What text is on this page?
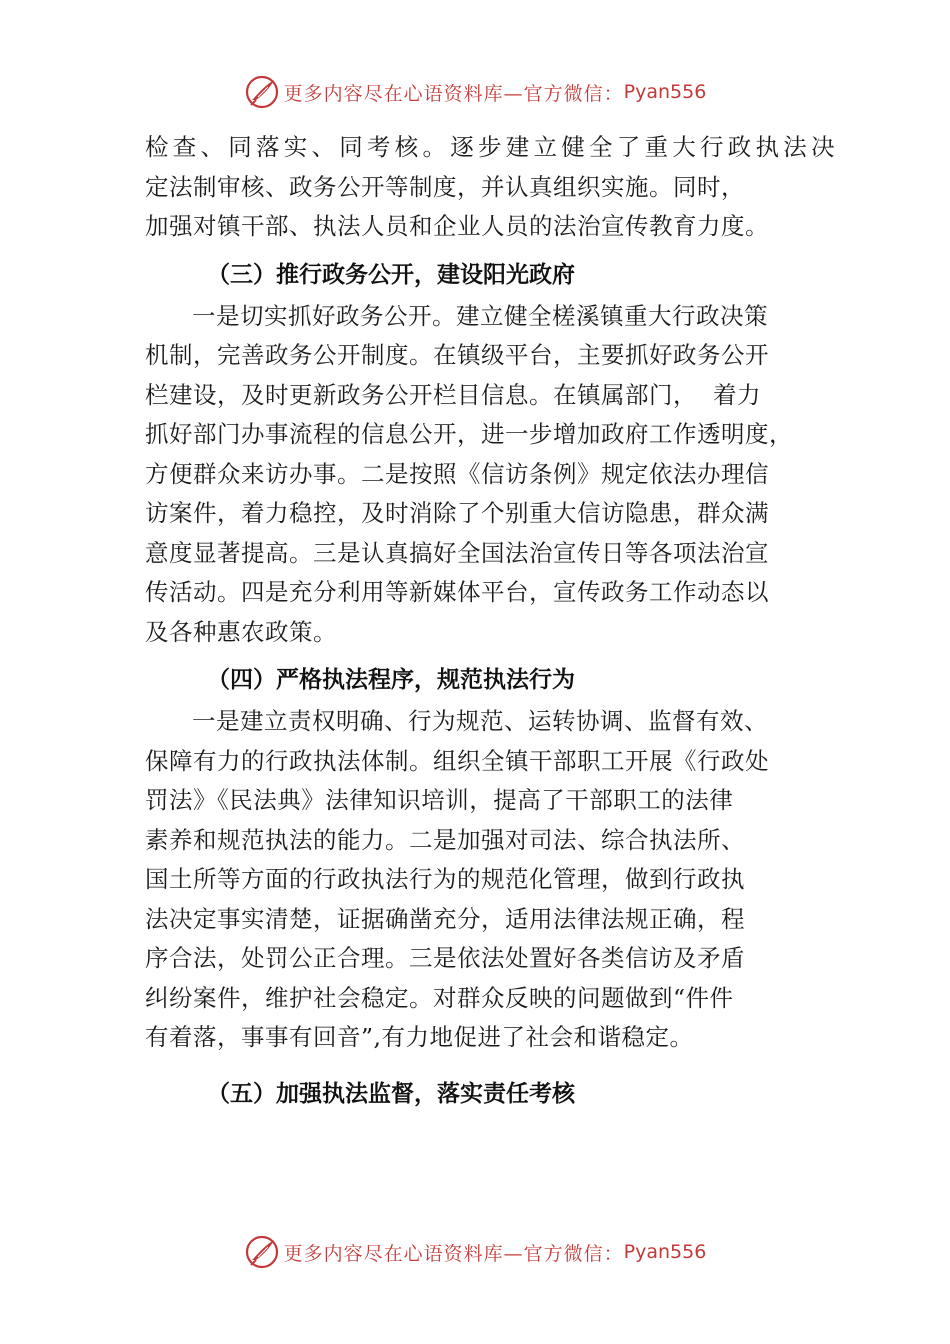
更多内容尽在心语资料库—官方微信： Pyan556
检查、同落实、同考核。逐步建立健全了重大行政执法决
定法制审核、政务公开等制度，并认真组织实施。同时，
加强对镇干部、执法人员和企业人员的法治宣传教育力度。
（三）推行政务公开，建设阳光政府
一是切实抓好政务公开。建立健全槎溪镇重大行政决策
机制，完善政务公开制度。在镇级平台，主要抓好政务公开
栏建设，及时更新政务公开栏目信息。在镇属部门，  着力
抓好部门办事流程的信息公开，进一步增加政府工作透明度，
方便群众来访办事。二是按照《信访条例》规定依法办理信
访案件，着力稳控，及时消除了个别重大信访隐患，群众满
意度显著提高。三是认真搞好全国法治宣传日等各项法治宣
传活动。四是充分利用等新媒体平台，宣传政务工作动态以
及各种惠农政策。
（四）严格执法程序，规范执法行为
一是建立责权明确、行为规范、运转协调、监督有效、
保障有力的行政执法体制。组织全镇干部职工开展《行政处
罚法》《民法典》法律知识培训，提高了干部职工的法律
素养和规范执法的能力。二是加强对司法、综合执法所、
国土所等方面的行政执法行为的规范化管理，做到行政执
法决定事实清楚，证据确凿充分，适用法律法规正确，程
序合法，处罚公正合理。三是依法处置好各类信访及矛盾
纠纷案件，维护社会稳定。对群众反映的问题做到“件件
有着落，事事有回音”,有力地促进了社会和谐稳定。
（五）加强执法监督，落实责任考核
更多内容尽在心语资料库—官方微信： Pyan556
